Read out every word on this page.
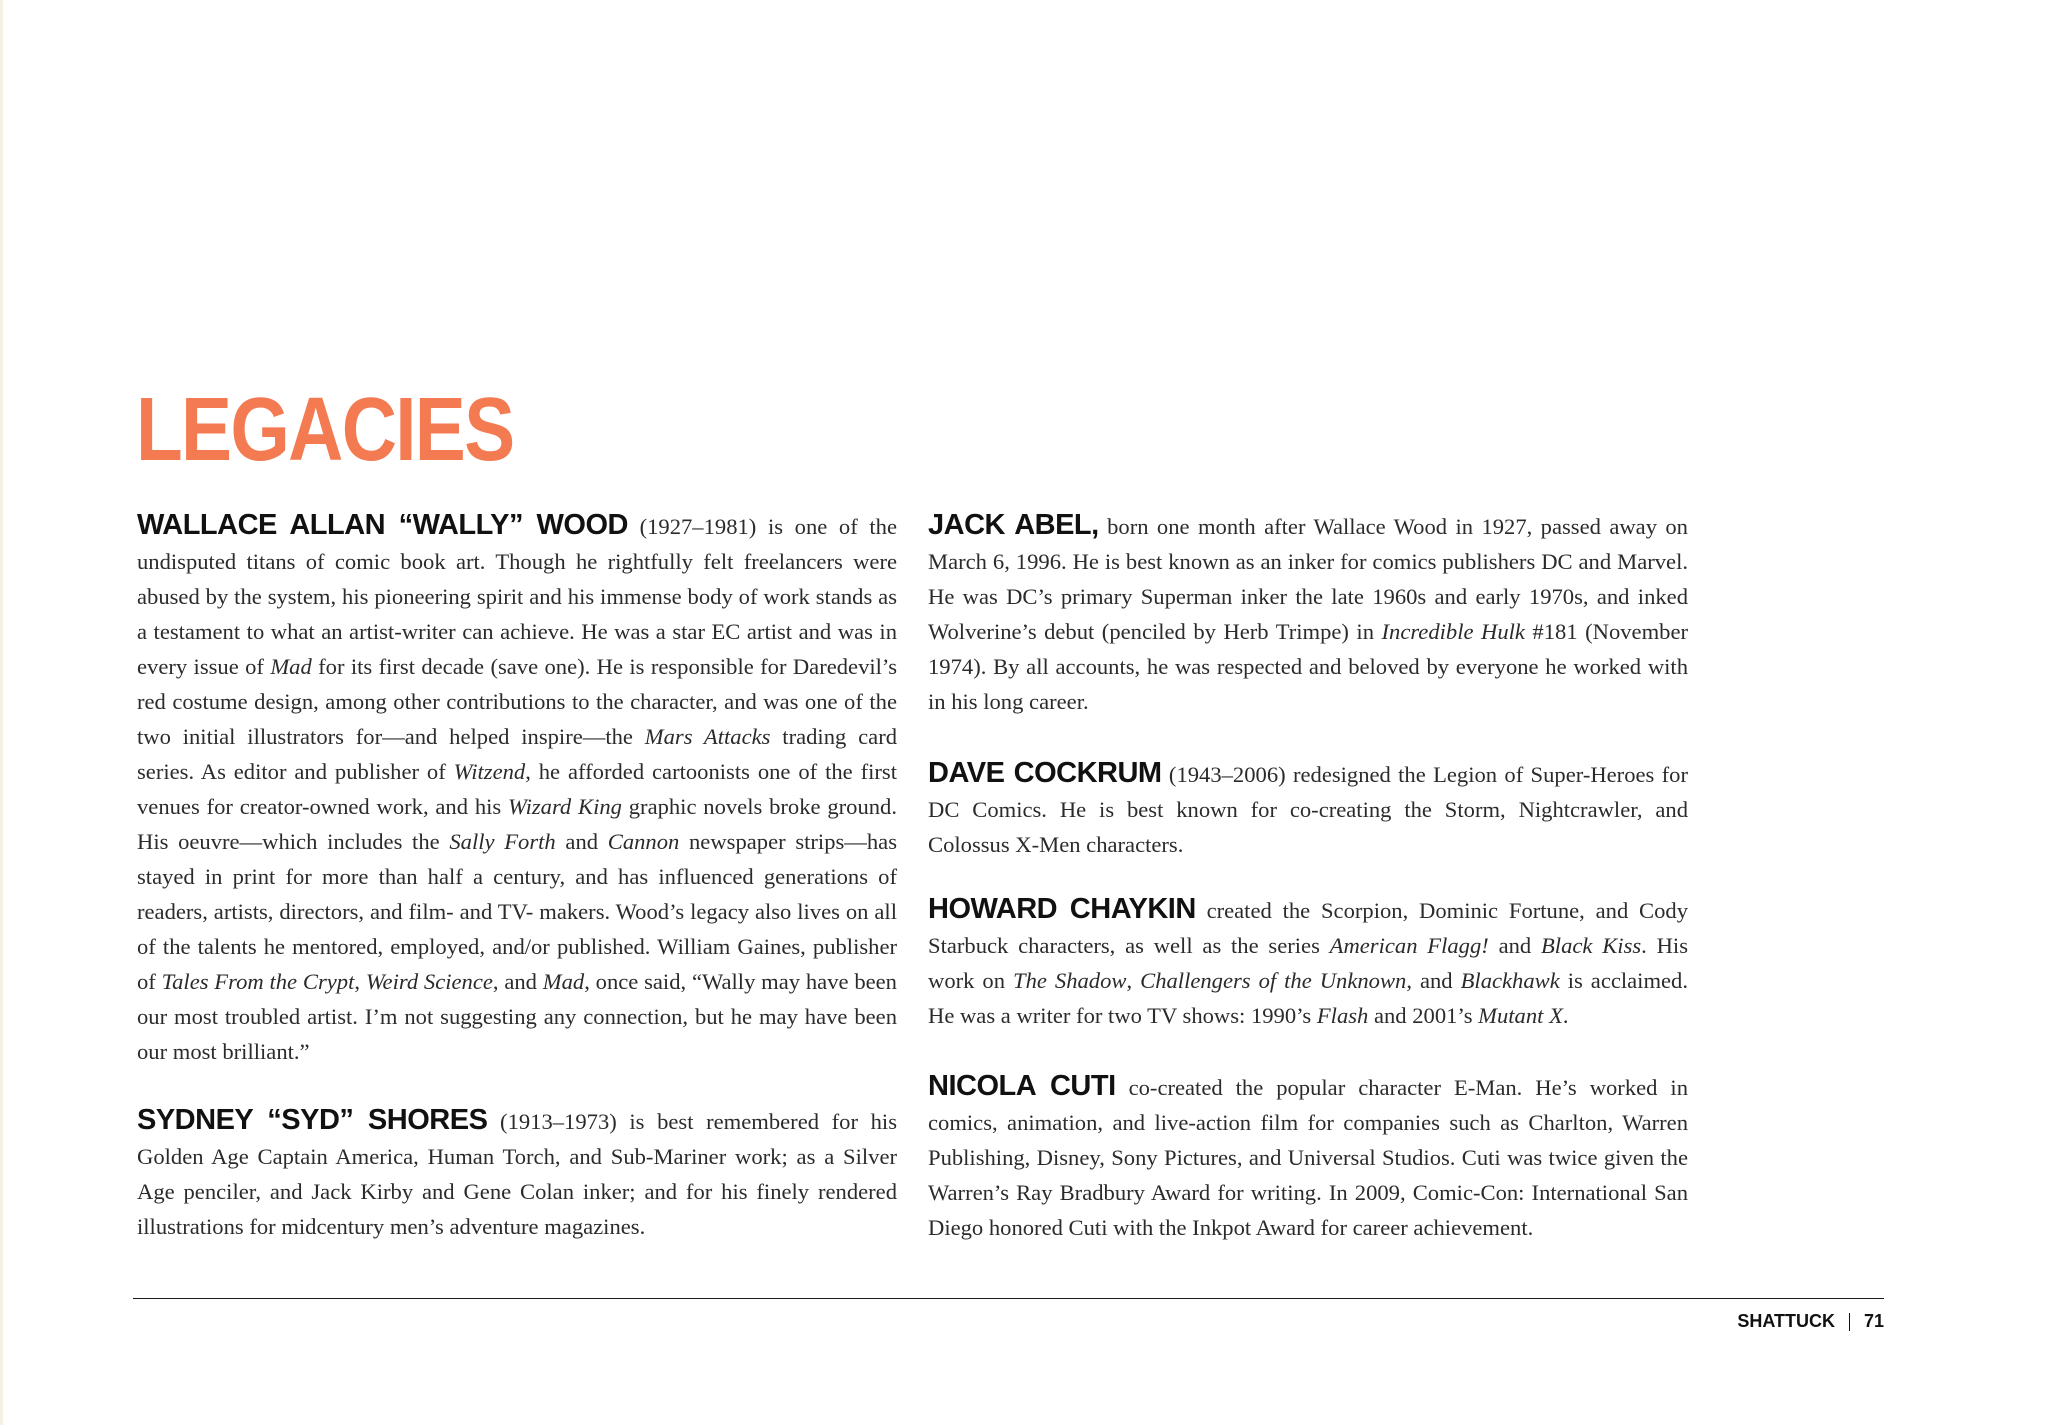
LEGACIES

WALLACE ALLAN “WALLY” WOOD (1927–1981) is one of the undisputed titans of comic book art. Though he rightfully felt freelancers were abused by the system, his pioneering spirit and his immense body of work stands as a testament to what an artist-writer can achieve. He was a star EC artist and was in every issue of Mad for its first decade (save one). He is responsible for Daredevil’s red costume design, among other contributions to the character, and was one of the two initial illustrators for—and helped inspire—the Mars Attacks trading card series. As editor and publisher of Witzend, he afforded cartoonists one of the first venues for creator-owned work, and his Wizard King graphic novels broke ground. His oeuvre—which includes the Sally Forth and Cannon newspaper strips—has stayed in print for more than half a century, and has influenced generations of readers, artists, directors, and film- and TV- makers. Wood’s legacy also lives on all of the talents he mentored, employed, and/or published. William Gaines, publisher of Tales From the Crypt, Weird Science, and Mad, once said, “Wally may have been our most troubled artist. I’m not suggesting any connection, but he may have been our most brilliant.”

SYDNEY “SYD” SHORES (1913–1973) is best remembered for his Golden Age Captain America, Human Torch, and Sub-Mariner work; as a Silver Age penciler, and Jack Kirby and Gene Colan inker; and for his finely rendered illustrations for midcentury men’s adventure magazines.

JACK ABEL, born one month after Wallace Wood in 1927, passed away on March 6, 1996. He is best known as an inker for comics publishers DC and Marvel. He was DC’s primary Superman inker the late 1960s and early 1970s, and inked Wolverine’s debut (penciled by Herb Trimpe) in Incredible Hulk #181 (November 1974). By all accounts, he was respected and beloved by everyone he worked with in his long career.

DAVE COCKRUM (1943–2006) redesigned the Legion of Super-Heroes for DC Comics. He is best known for co-creating the Storm, Nightcrawler, and Colossus X-Men characters.

HOWARD CHAYKIN created the Scorpion, Dominic Fortune, and Cody Starbuck characters, as well as the series American Flagg! and Black Kiss. His work on The Shadow, Challengers of the Unknown, and Blackhawk is acclaimed. He was a writer for two TV shows: 1990’s Flash and 2001’s Mutant X.

NICOLA CUTI co-created the popular character E-Man. He’s worked in comics, animation, and live-action film for companies such as Charlton, Warren Publishing, Disney, Sony Pictures, and Universal Studios. Cuti was twice given the Warren’s Ray Bradbury Award for writing. In 2009, Comic-Con: International San Diego honored Cuti with the Inkpot Award for career achievement.

SHATTUCK 71
